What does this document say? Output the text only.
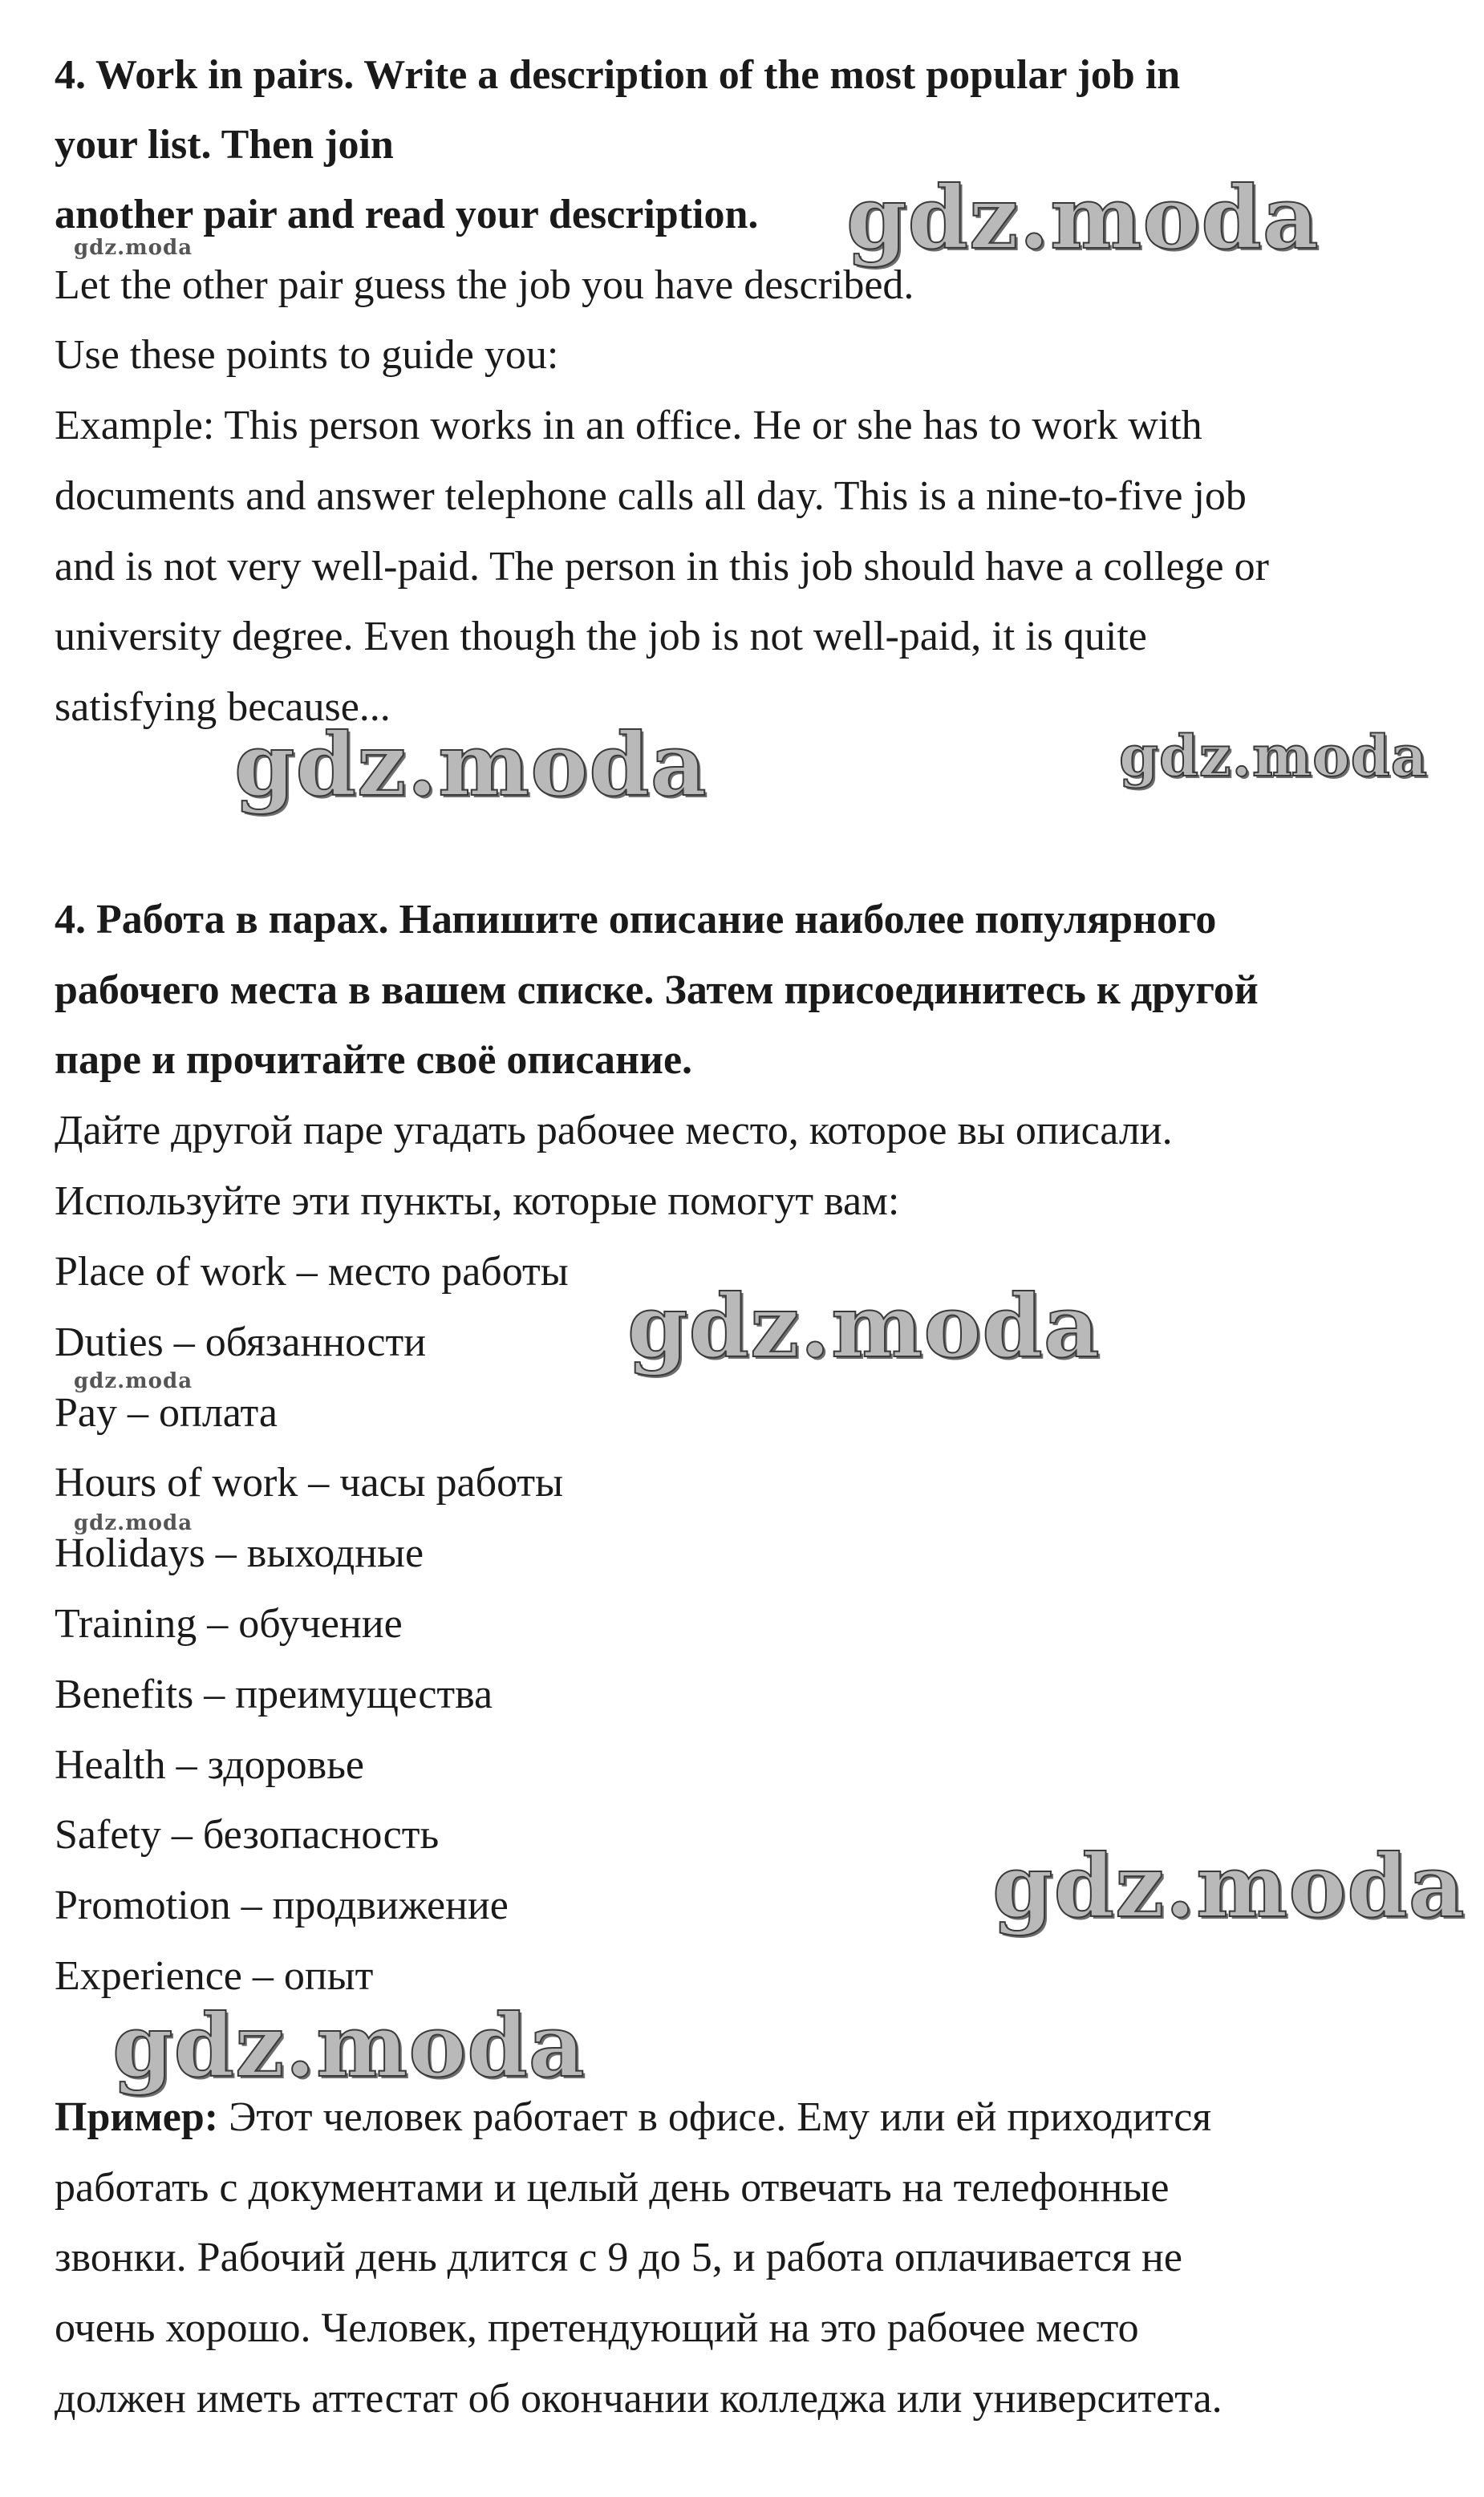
4. Work in pairs. Write a description of the most popular job in
your list. Then join
another pair and read your description.
Let the other pair guess the job you have described.
Use these points to guide you:
Example: This person works in an office. He or she has to work with
documents and answer telephone calls all day. This is a nine-to-five job
and is not very well-paid. The person in this job should have a college or
university degree. Even though the job is not well-paid, it is quite
satisfying because...
4. Работа в парах. Напишите описание наиболее популярного
рабочего места в вашем списке. Затем присоединитесь к другой
паре и прочитайте своё описание.
Дайте другой паре угадать рабочее место, которое вы описали.
Используйте эти пункты, которые помогут вам:
Place of work – место работы
Duties – обязанности
Pay – оплата
Hours of work – часы работы
Holidays – выходные
Training – обучение
Benefits – преимущества
Health – здоровье
Safety – безопасность
Promotion – продвижение
Experience – опыт
Пример: Этот человек работает в офисе. Ему или ей приходится
работать с документами и целый день отвечать на телефонные
звонки. Рабочий день длится с 9 до 5, и работа оплачивается не
очень хорошо. Человек, претендующий на это рабочее место
должен иметь аттестат об окончании колледжа или университета.
gdz.moda
gdz.moda
gdz.moda	gdz.moda
gdz.moda
gdz.moda
gdz.moda
gdz.moda
gdz.moda
